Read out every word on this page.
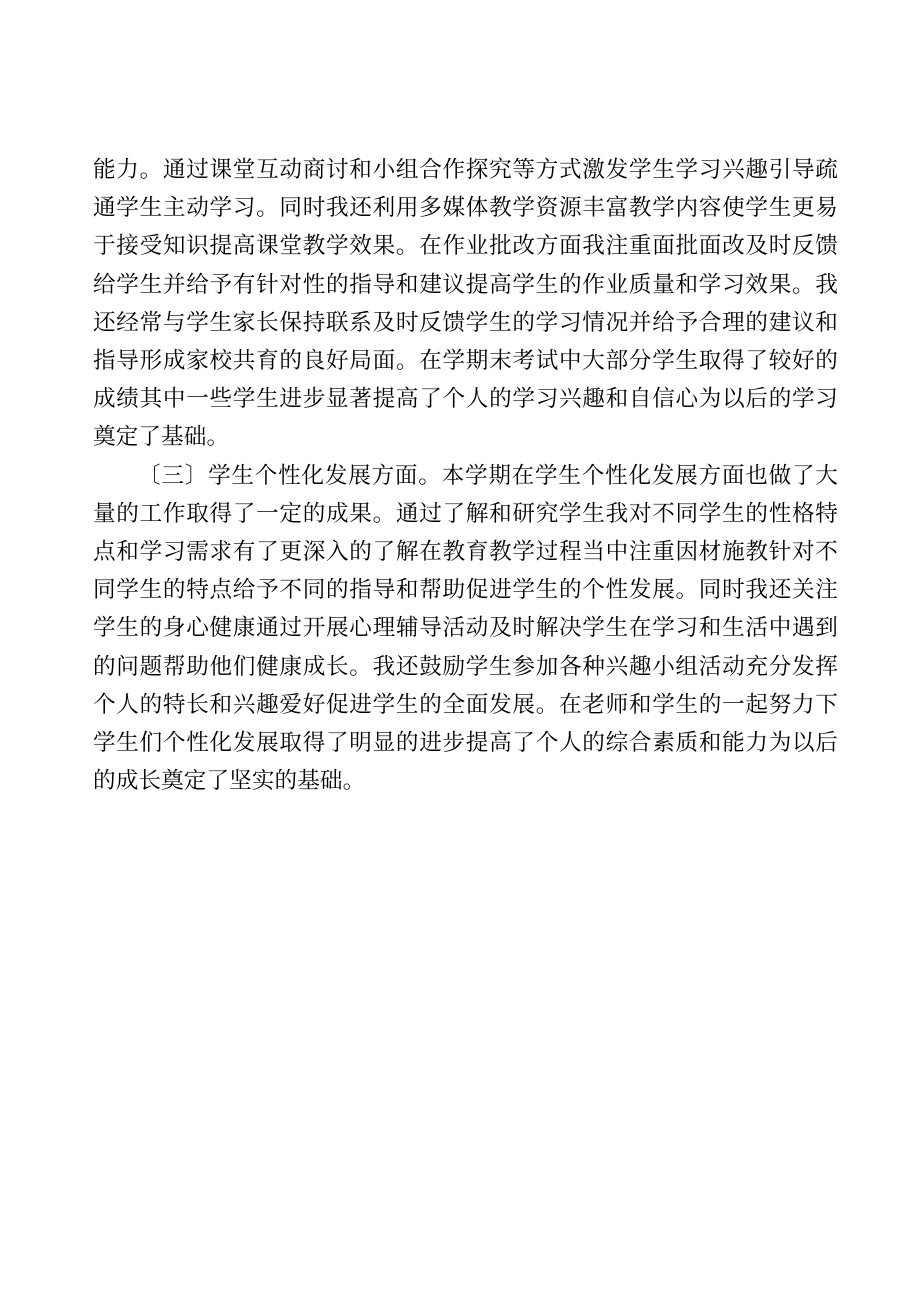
能力。通过课堂互动商讨和小组合作探究等方式激发学生学习兴趣引导疏
通学生主动学习。同时我还利用多媒体教学资源丰富教学内容使学生更易
于接受知识提高课堂教学效果。在作业批改方面我注重面批面改及时反馈
给学生并给予有针对性的指导和建议提高学生的作业质量和学习效果。我
还经常与学生家长保持联系及时反馈学生的学习情况并给予合理的建议和
指导形成家校共育的良好局面。在学期末考试中大部分学生取得了较好的
成绩其中一些学生进步显著提高了个人的学习兴趣和自信心为以后的学习
奠定了基础。

〔三〕学生个性化发展方面。本学期在学生个性化发展方面也做了大
量的工作取得了一定的成果。通过了解和研究学生我对不同学生的性格特
点和学习需求有了更深入的了解在教育教学过程当中注重因材施教针对不
同学生的特点给予不同的指导和帮助促进学生的个性发展。同时我还关注
学生的身心健康通过开展心理辅导活动及时解决学生在学习和生活中遇到
的问题帮助他们健康成长。我还鼓励学生参加各种兴趣小组活动充分发挥
个人的特长和兴趣爱好促进学生的全面发展。在老师和学生的一起努力下
学生们个性化发展取得了明显的进步提高了个人的综合素质和能力为以后
的成长奠定了坚实的基础。
